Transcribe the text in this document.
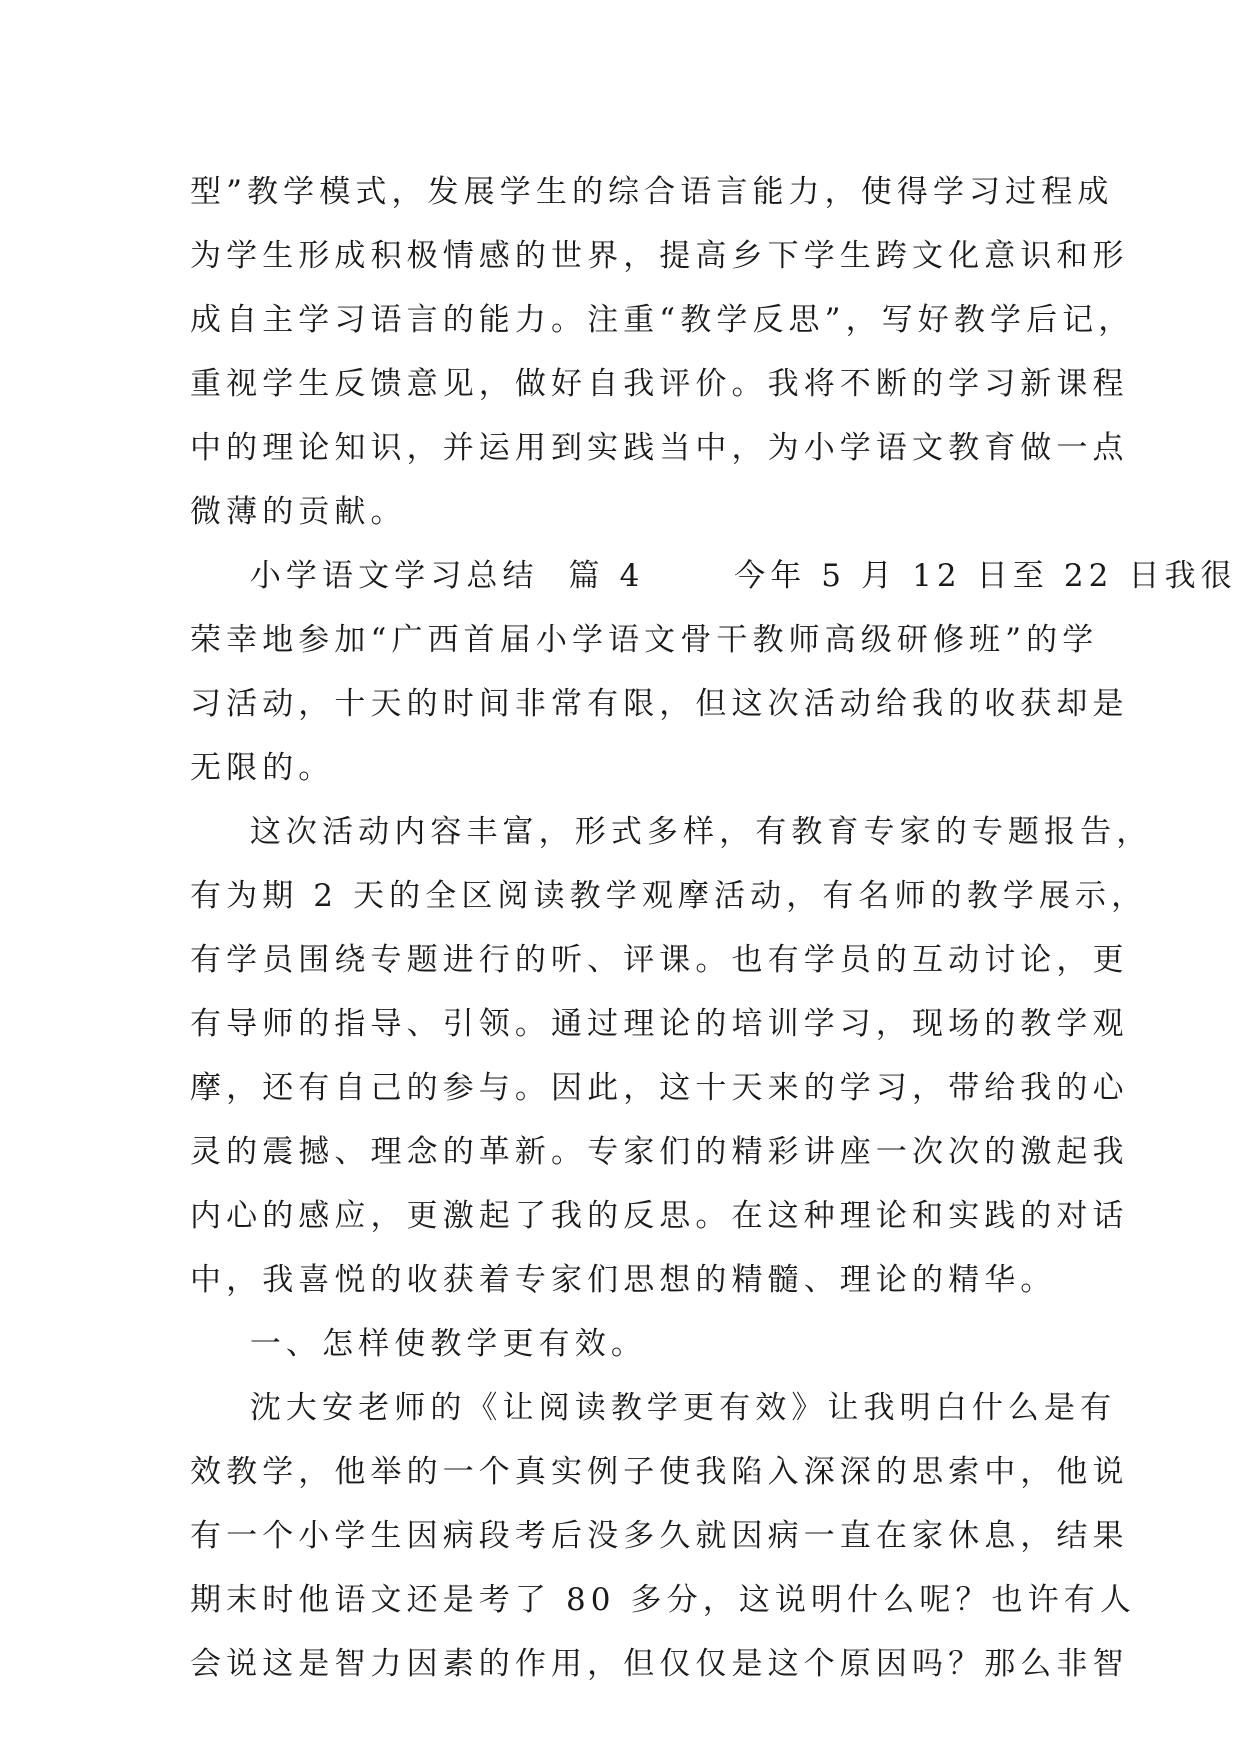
型”教学模式，发展学生的综合语言能力，使得学习过程成
为学生形成积极情感的世界，提高乡下学生跨文化意识和形
成自主学习语言的能力。注重“教学反思”，写好教学后记，
重视学生反馈意见，做好自我评价。我将不断的学习新课程
中的理论知识，并运用到实践当中，为小学语文教育做一点
微薄的贡献。
小学语文学习总结  篇 4      今年 5 月 12 日至 22 日我很
荣幸地参加“广西首届小学语文骨干教师高级研修班”的学
习活动，十天的时间非常有限，但这次活动给我的收获却是
无限的。
这次活动内容丰富，形式多样，有教育专家的专题报告，
有为期 2 天的全区阅读教学观摩活动，有名师的教学展示，
有学员围绕专题进行的听、评课。也有学员的互动讨论，更
有导师的指导、引领。通过理论的培训学习，现场的教学观
摩，还有自己的参与。因此，这十天来的学习，带给我的心
灵的震撼、理念的革新。专家们的精彩讲座一次次的激起我
内心的感应，更激起了我的反思。在这种理论和实践的对话
中，我喜悦的收获着专家们思想的精髓、理论的精华。
一、怎样使教学更有效。
沈大安老师的《让阅读教学更有效》让我明白什么是有
效教学，他举的一个真实例子使我陷入深深的思索中，他说
有一个小学生因病段考后没多久就因病一直在家休息，结果
期末时他语文还是考了 80 多分，这说明什么呢？也许有人
会说这是智力因素的作用，但仅仅是这个原因吗？那么非智
